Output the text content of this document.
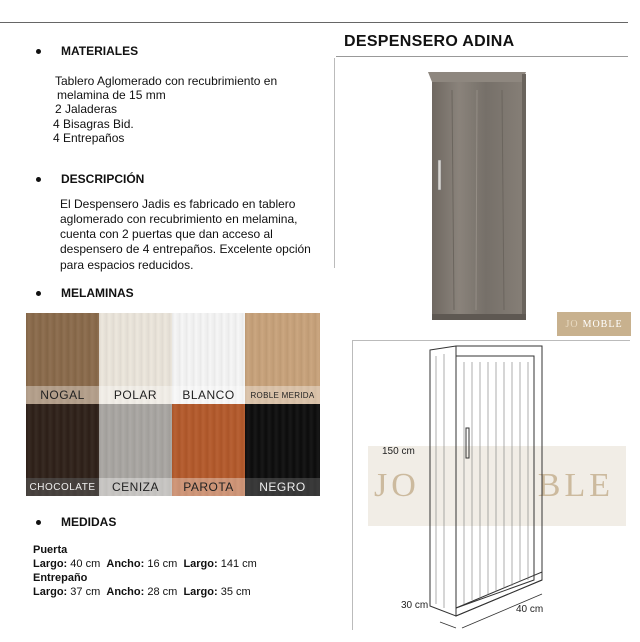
DESPENSERO ADINA
MATERIALES
Tablero Aglomerado con recubrimiento en
melamina de 15 mm
2 Jaladeras
4 Bisagras Bid.
4 Entrepaños
DESCRIPCIÓN
El Despensero Jadis es fabricado en tablero
aglomerado con recubrimiento en melamina,
cuenta con 2 puertas que dan acceso al
despensero de 4 entrepaños. Excelente opción
para espacios reducidos.
MELAMINAS
NOGAL	POLAR	BLANCO	ROBLE MERIDA
CHOCOLATE	CENIZA	PAROTA	NEGRO
MEDIDAS
Puerta
Largo: 40 cm Ancho: 16 cm Largo: 141 cm
Entrepaño
Largo: 37 cm Ancho: 28 cm Largo: 35 cm
JO MOBLE
JO	BLE
150 cm
30 cm	40 cm
